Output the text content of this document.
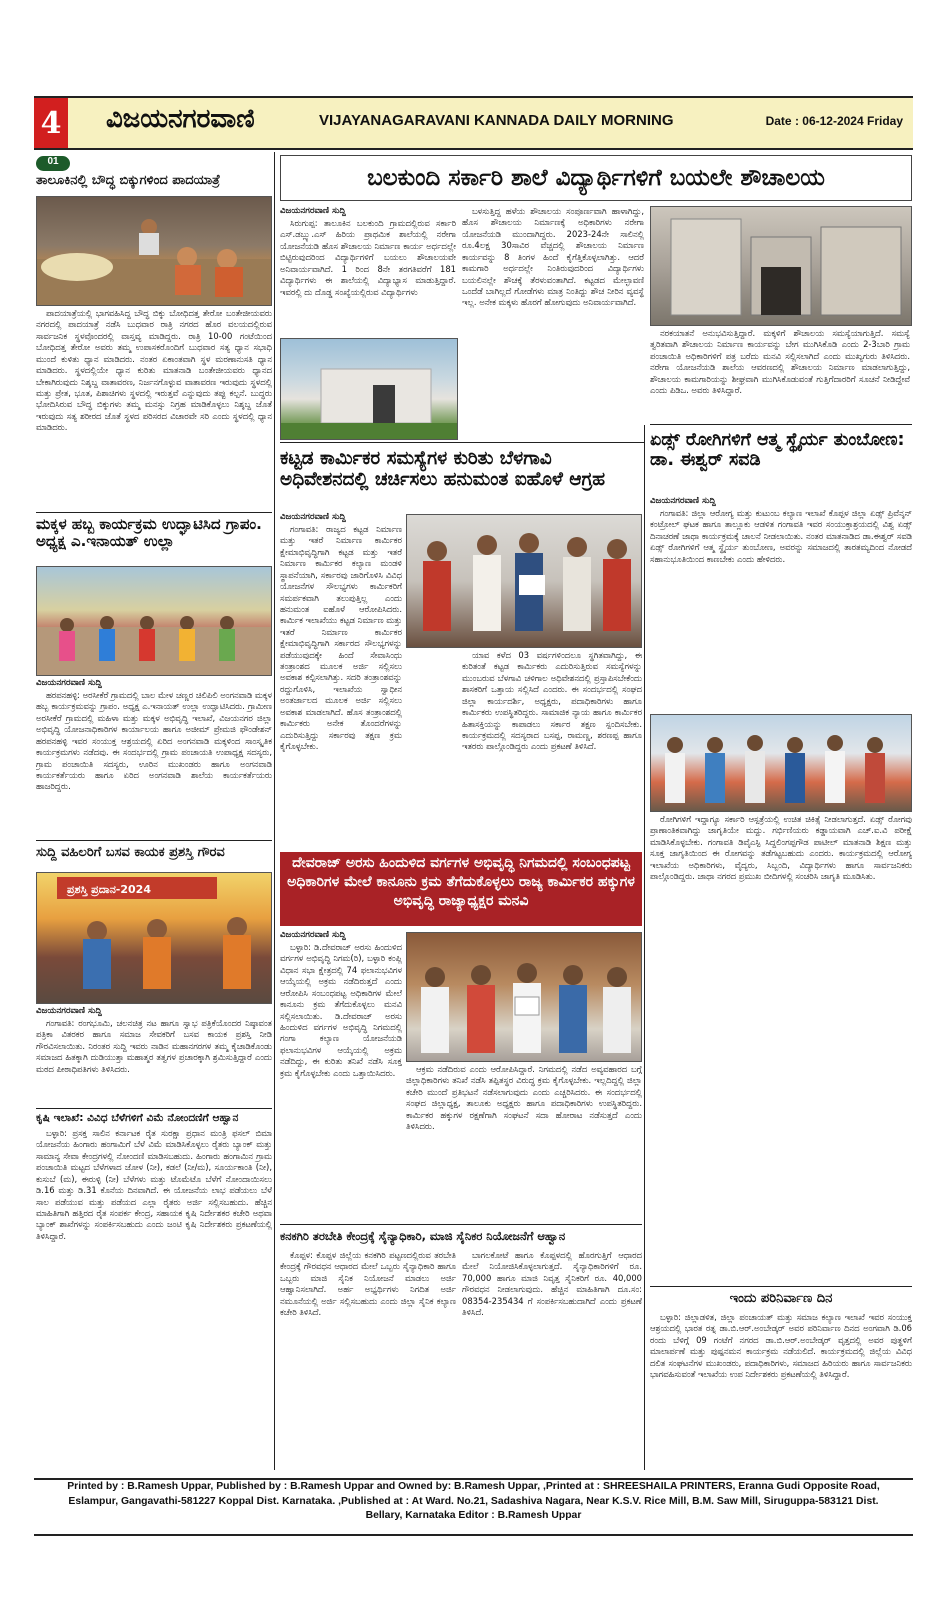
4 ವಿಜಯನಗರವಾಣಿ	VIJAYANAGARAVANI KANNADA DAILY MORNING	Date : 06-12-2024 Friday
01
ತಾಲೂಕಿನಲ್ಲಿ ಬೌದ್ಧ ಬಿಕ್ಕುಗಳಿಂದ ಪಾದಯಾತ್ರೆ

ಪಾದಯಾತ್ರೆಯಲ್ಲಿ ಭಾಗವಹಿಸಿದ್ದ ಬೌದ್ಧ ಬಿಕ್ಕು ಬೋಧಿದತ್ತ ತೇರೋ ಬಂತೇಜೀಯವರು ನಗರದಲ್ಲಿ ಪಾದಯಾತ್ರೆ ನಡೆಸಿ ಬುಧವಾರ ರಾತ್ರಿ ನಗರದ ಹೊರ ವಲಯದಲ್ಲಿರುವ ಸಾರ್ವಜನಿಕ ಸ್ಥಳವೊಂದರಲ್ಲಿ ವಾಸ್ತವ್ಯ ಮಾಡಿದ್ದರು. ರಾತ್ರಿ 10-00 ಗಂಟೆಯಿಂದ ಬೋಧಿದತ್ತ ತೇರೋ ಅವರು ತಮ್ಮ ಉಪಾಸಕರೊಂದಿಗೆ ಬುಧವಾರ ಸತ್ಯ ಧ್ಯಾನ ಸಭಾಧಿ ಮುಂದೆ ಕುಳಿತು ಧ್ಯಾನ ಮಾಡಿದರು. ನಂತರ ಏಕಾಂತವಾಗಿ ಸ್ಥಳ ಮರಣಾನುಸತಿ ಧ್ಯಾನ ಮಾಡಿದರು. ಸ್ಥಳದಲ್ಲಿಯೇ ಧ್ಯಾನ ಕುರಿತು ಮಾತನಾಡಿ ಬಂತೇಜೀಯವರು ಧ್ಯಾನದ ಬೇಕಾಗಿರುವುದು ನಿಶ್ಶಬ್ದ ವಾತಾವರಣ, ನಿರ್ಜನಗೊಳ್ಳುವ ವಾತಾವರಣ ಇರುವುದು ಸ್ಥಳದಲ್ಲಿ ಮತ್ತು ಪ್ರೇತ, ಭೂತ, ಪಿಶಾಚಿಗಳು ಸ್ಥಳದಲ್ಲಿ ಇರುತ್ತವೆ ಎನ್ನುವುದು ತಪ್ಪು ಕಲ್ಪನೆ. ಬುದ್ಧರು ಭೋದಿಸಿರುವ ಬೌದ್ಧ ಬಿಕ್ಕುಗಳು ತಮ್ಮ ಮನಸ್ಸು ನಿಗ್ರಹ ಮಾಡಿಕೊಳ್ಳಲು ನಿಶ್ಶಬ್ದ ಜೊತೆ ಇರುವುದು ಸತ್ಯ ಶರೀರದ ಜೊತೆ ಸ್ಥಳದ ಪರಿಸರದ ವಿಚಾರವೇ ಸರಿ ಎಂದು ಸ್ಥಳದಲ್ಲಿ ಧ್ಯಾನ ಮಾಡಿದರು.

ಮಕ್ಕಳ ಹಬ್ಬ ಕಾರ್ಯಕ್ರಮ ಉದ್ಘಾಟಿಸಿದ ಗ್ರಾಪಂ. ಅಧ್ಯಕ್ಷ ಎ.ಇನಾಯತ್ ಉಲ್ಲಾ
ವಿಜಯನಗರವಾಣಿ ಸುದ್ದಿ

ಹರಪನಹಳ್ಳಿ: ಅರಸೀಕೆರೆ ಗ್ರಾಮದಲ್ಲಿ ಬಾಲ ಮೇಳ ಚಣ್ಣರ ಚಿಲಿಪಿಲಿ ಅಂಗನವಾಡಿ ಮಕ್ಕಳ ಹಬ್ಬ ಕಾರ್ಯಕ್ರಮವನ್ನು ಗ್ರಾಪಂ. ಅಧ್ಯಕ್ಷ ಎ.ಇನಾಯತ್ ಉಲ್ಲಾ ಉದ್ಘಾಟಿಸಿದರು. ಗ್ರಾಮೀಣ ಅರಸೀಕೆರೆ ಗ್ರಾಮದಲ್ಲಿ ಮಹಿಳಾ ಮತ್ತು ಮಕ್ಕಳ ಅಭಿವೃದ್ಧಿ ಇಲಾಖೆ, ವಿಜಯನಗರ ಜಿಲ್ಲಾ ಅಭಿವೃದ್ಧಿ ಯೋಜನಾಧಿಕಾರಿಗಳ ಕಾರ್ಯಾಲಯ ಹಾಗೂ ಅಜೀಮ್ ಪ್ರೇಮಜಿ ಫೌಂಡೇಶನ್ ಹರಪನಹಳ್ಳಿ ಇವರ ಸಂಯುಕ್ತ ಆಶ್ರಯದಲ್ಲಿ ಏರಿದ ಅಂಗನವಾಡಿ ಮಕ್ಕಳಿಂದ ಸಾಂಸ್ಕೃತಿಕ ಕಾರ್ಯಕ್ರಮಗಳು ನಡೆದವು. ಈ ಸಂದರ್ಭದಲ್ಲಿ ಗ್ರಾಮ ಪಂಚಾಯತಿ ಉಪಾಧ್ಯಕ್ಷ ಸದಸ್ಯರು, ಗ್ರಾಮ ಪಂಚಾಯಿತಿ ಸದಸ್ಯರು, ಊರಿನ ಮುಖಂಡರು ಹಾಗೂ ಅಂಗನವಾಡಿ ಕಾರ್ಯಕರ್ತೆಯರು ಹಾಗೂ ಏರಿದ ಅಂಗನವಾಡಿ ಶಾಲೆಯ ಕಾರ್ಯಕರ್ತೆಯರು ಹಾಜರಿದ್ದರು.

ಸುದ್ದಿ ವಹಿಲರಿಗೆ ಬಸವ ಕಾಯಕ ಪ್ರಶಸ್ತಿ ಗೌರವ
ಪ್ರಶಸ್ತಿ ಪ್ರದಾನ-2024
ವಿಜಯನಗರವಾಣಿ ಸುದ್ದಿ

ಗಂಗಾವತಿ: ರಂಗಭೂಮಿ, ಚಲನಚಿತ್ರ ನಟ ಹಾಗೂ ಸ್ವಾಭ ಪತ್ರಿಕೆಯೊಂದರ ನಿಷ್ಠಾವಂತ ಪತ್ರಿಕಾ ವಿತರಕರ ಹಾಗೂ ಸಮಾಜ ಸೇವಕರಿಗೆ ಬಸವ ಕಾಯಕ ಪ್ರಶಸ್ತಿ ನೀಡಿ ಗೌರವಿಸಲಾಯಿತು. ನಿರಂತರ ಸುದ್ದಿ ಇವರು ನಾಡಿನ ಮಹಾನಗರಗಳ ತಮ್ಮ ಕೈಚಾಡಿಕೊಂಡು ಸಮಾಜದ ಹಿತಕ್ಕಾಗಿ ದುಡಿಯುತ್ತಾ ಮಹಾತ್ಮರ ತತ್ವಗಳ ಪ್ರಚಾರಕ್ಕಾಗಿ ಶ್ರಮಿಸುತ್ತಿದ್ದಾರೆ ಎಂದು ಮಠದ ಪೀಠಾಧಿಪತಿಗಳು ತಿಳಿಸಿದರು.

ಕೃಷಿ ಇಲಾಖೆ: ವಿವಿಧ ಬೆಳೆಗಳಿಗೆ ವಿಮೆ ನೋಂದಣಿಗೆ ಆಹ್ವಾನ

ಬಳ್ಳಾರಿ: ಪ್ರಸಕ್ತ ಸಾಲಿನ ಕರ್ನಾಟಕ ರೈತ ಸುರಕ್ಷಾ ಪ್ರಧಾನ ಮಂತ್ರಿ ಫಸಲ್ ಬಿಮಾ ಯೋಜನೆಯ ಹಿಂಗಾರು ಹಂಗಾಮಿಗೆ ಬೆಳೆ ವಿಮೆ ಮಾಡಿಸಿಕೊಳ್ಳಲು ರೈತರು ಬ್ಯಾಂಕ್ ಮತ್ತು ಸಾಮಾನ್ಯ ಸೇವಾ ಕೇಂದ್ರಗಳಲ್ಲಿ ನೋಂದಣಿ ಮಾಡಿಸಬಹುದು. ಹಿಂಗಾರು ಹಂಗಾಮಿನ ಗ್ರಾಮ ಪಂಚಾಯಿತಿ ಮಟ್ಟದ ಬೆಳೆಗಳಾದ ಜೋಳ (ನೀ), ಕಡಲೆ (ನೀ/ಮ), ಸೂರ್ಯಕಾಂತಿ (ನೀ), ಕುಸುಬೆ (ಮ), ಈರುಳ್ಳಿ (ನೀ) ಬೆಳೆಗಳು ಮತ್ತು ಟೊಮೆಟೊ ಬೆಳೆಗೆ ನೋಂದಾಯಿಸಲು ಡಿ.16 ಮತ್ತು ಡಿ.31 ಕೊನೆಯ ದಿನವಾಗಿದೆ. ಈ ಯೋಜನೆಯ ಲಾಭ ಪಡೆಯಲು ಬೆಳೆ ಸಾಲ ಪಡೆಯುವ ಮತ್ತು ಪಡೆಯದ ಎಲ್ಲಾ ರೈತರು ಅರ್ಜಿ ಸಲ್ಲಿಸಬಹುದು. ಹೆಚ್ಚಿನ ಮಾಹಿತಿಗಾಗಿ ಹತ್ತಿರದ ರೈತ ಸಂಪರ್ಕ ಕೇಂದ್ರ, ಸಹಾಯಕ ಕೃಷಿ ನಿರ್ದೇಶಕರ ಕಚೇರಿ ಅಥವಾ ಬ್ಯಾಂಕ್ ಶಾಖೆಗಳನ್ನು ಸಂಪರ್ಕಿಸಬಹುದು ಎಂದು ಜಂಟಿ ಕೃಷಿ ನಿರ್ದೇಶಕರು ಪ್ರಕಟಣೆಯಲ್ಲಿ ತಿಳಿಸಿದ್ದಾರೆ.

ಬಲಕುಂದಿ ಸರ್ಕಾರಿ ಶಾಲೆ ವಿದ್ಯಾರ್ಥಿಗಳಿಗೆ ಬಯಲೇ ಶೌಚಾಲಯ
ವಿಜಯನಗರವಾಣಿ ಸುದ್ದಿ

ಸಿರುಗುಪ್ಪ: ತಾಲೂಕಿನ ಬಲಕುಂದಿ ಗ್ರಾಮದಲ್ಲಿರುವ ಸರ್ಕಾರಿ ಎಸ್.ಡಬ್ಲ್ಯು.ಎಸ್ ಹಿರಿಯ ಪ್ರಾಥಮಿಕ ಶಾಲೆಯಲ್ಲಿ ನರೇಗಾ ಯೋಜನೆಯಡಿ ಹೊಸ ಶೌಚಾಲಯ ನಿರ್ಮಾಣ ಕಾರ್ಯ ಅರ್ಧದಲ್ಲೇ ಬಿಟ್ಟಿರುವುದರಿಂದ ವಿದ್ಯಾರ್ಥಿಗಳಿಗೆ ಬಯಲು ಶೌಚಾಲಯವೇ ಅನಿವಾರ್ಯವಾಗಿದೆ. 1 ರಿಂದ 8ನೇ ತರಗತಿವರೆಗೆ 181 ವಿದ್ಯಾರ್ಥಿಗಳು ಈ ಶಾಲೆಯಲ್ಲಿ ವಿದ್ಯಾಭ್ಯಾಸ ಮಾಡುತ್ತಿದ್ದಾರೆ. ಇವರಲ್ಲಿ ದು ದೊಡ್ಡ ಸಂಖ್ಯೆಯಲ್ಲಿರುವ ವಿದ್ಯಾರ್ಥಿಗಳು

ಬಳಸುತ್ತಿದ್ದ ಹಳೆಯ ಶೌಚಾಲಯ ಸಂಪೂರ್ಣವಾಗಿ ಹಾಳಾಗಿದ್ದು, ಹೊಸ ಶೌಚಾಲಯ ನಿರ್ಮಾಣಕ್ಕೆ ಅಧಿಕಾರಿಗಳು ನರೇಗಾ ಯೋಜನೆಯಡಿ ಮುಂದಾಗಿದ್ದರು. 2023-24ನೇ ಸಾಲಿನಲ್ಲಿ ರೂ.4ಲಕ್ಷ 30ಸಾವಿರ ವೆಚ್ಚದಲ್ಲಿ ಶೌಚಾಲಯ ನಿರ್ಮಾಣ ಕಾರ್ಯವನ್ನು 8 ತಿಂಗಳ ಹಿಂದೆ ಕೈಗೆತ್ತಿಕೊಳ್ಳಲಾಗಿತ್ತು. ಆದರೆ ಕಾಮಗಾರಿ ಅರ್ಧದಲ್ಲೇ ನಿಂತಿರುವುದರಿಂದ ವಿದ್ಯಾರ್ಥಿಗಳು ಬಯಲಿನಲ್ಲೇ ಶೌಚಕ್ಕೆ ತೆರಳುವಂತಾಗಿದೆ. ಕಟ್ಟಡದ ಮೇಲ್ಛಾವಣಿ ಒಂದೆಡೆ ಬಾಗಿಲ್ಲದೆ ಗೋಡೆಗಳು ಮಾತ್ರ ನಿಂತಿದ್ದು ಶೌಚ ನೀರಿನ ವ್ಯವಸ್ಥೆ ಇಲ್ಲ. ಅನೇಕ ಮಕ್ಕಳು ಹೊರಗೆ ಹೋಗುವುದು ಅನಿವಾರ್ಯವಾಗಿದೆ.

ನರಕಯಾತನೆ ಅನುಭವಿಸುತ್ತಿದ್ದಾರೆ. ಮಕ್ಕಳಿಗೆ ಶೌಚಾಲಯ ಸಮಸ್ಯೆಯಾಗುತ್ತಿದೆ. ಸಮಸ್ಯೆ ತ್ವರಿತವಾಗಿ ಶೌಚಾಲಯ ನಿರ್ಮಾಣ ಕಾರ್ಯವನ್ನು ಬೇಗ ಮುಗಿಸಿಕೊಡಿ ಎಂದು 2-3ಬಾರಿ ಗ್ರಾಮ ಪಂಚಾಯಿತಿ ಅಧಿಕಾರಿಗಳಿಗೆ ಪತ್ರ ಬರೆದು ಮನವಿ ಸಲ್ಲಿಸಲಾಗಿದೆ ಎಂದು ಮುಖ್ಯಗುರು ತಿಳಿಸಿದರು. ನರೇಗಾ ಯೋಜನೆಯಡಿ ಶಾಲೆಯ ಆವರಣದಲ್ಲಿ ಶೌಚಾಲಯ ನಿರ್ಮಾಣ ಮಾಡಲಾಗುತ್ತಿದ್ದು, ಶೌಚಾಲಯ ಕಾಮಗಾರಿಯನ್ನು ಶೀಘ್ರವಾಗಿ ಮುಗಿಸಿಕೊಡುವಂತೆ ಗುತ್ತಿಗೆದಾರರಿಗೆ ಸೂಚನೆ ನೀಡಿದ್ದೇವೆ ಎಂದು ಪಿಡಿಒ. ಅವರು ತಿಳಿಸಿದ್ದಾರೆ.

ಕಟ್ಟಡ ಕಾರ್ಮಿಕರ ಸಮಸ್ಯೆಗಳ ಕುರಿತು ಬೆಳಗಾವಿ ಅಧಿವೇಶನದಲ್ಲಿ ಚರ್ಚಿಸಲು ಹನುಮಂತ ಐಹೊಳೆ ಆಗ್ರಹ
ವಿಜಯನಗರವಾಣಿ ಸುದ್ದಿ

ಗಂಗಾವತಿ: ರಾಜ್ಯದ ಕಟ್ಟಡ ನಿರ್ಮಾಣ ಮತ್ತು ಇತರೆ ನಿರ್ಮಾಣ ಕಾರ್ಮಿಕರ ಕ್ಷೇಮಾಭಿವೃದ್ಧಿಗಾಗಿ ಕಟ್ಟಡ ಮತ್ತು ಇತರೆ ನಿರ್ಮಾಣ ಕಾರ್ಮಿಕರ ಕಲ್ಯಾಣ ಮಂಡಳಿ ಸ್ಥಾಪನೆಯಾಗಿ, ಸರ್ಕಾರವು ಜಾರಿಗೊಳಿಸಿ ವಿವಿಧ ಯೋಜನೆಗಳ ಸೌಲಭ್ಯಗಳು ಕಾರ್ಮಿಕರಿಗೆ ಸಮರ್ಪಕವಾಗಿ ತಲುಪುತ್ತಿಲ್ಲ ಎಂದು ಹನುಮಂತ ಐಹೊಳೆ ಆರೋಪಿಸಿದರು. ಕಾರ್ಮಿಕ ಇಲಾಖೆಯು ಕಟ್ಟಡ ನಿರ್ಮಾಣ ಮತ್ತು ಇತರೆ ನಿರ್ಮಾಣ ಕಾರ್ಮಿಕರ ಕ್ಷೇಮಾಭಿವೃದ್ಧಿಗಾಗಿ ಸರ್ಕಾರದ ಸೌಲಭ್ಯಗಳನ್ನು ಪಡೆಯುವುದಕ್ಕೇ ಹಿಂದೆ ಸೇವಾಸಿಂಧು ತಂತ್ರಾಂಶದ ಮೂಲಕ ಅರ್ಜಿ ಸಲ್ಲಿಸಲು ಅವಕಾಶ ಕಲ್ಪಿಸಲಾಗಿತ್ತು. ಸದರಿ ತಂತ್ರಾಂಶವನ್ನು ರದ್ದುಗೊಳಿಸಿ, ಇಲಾಖೆಯ ಸ್ವಾಧೀನ ಅಂತರ್ಜಾಲದ ಮೂಲಕ ಅರ್ಜಿ ಸಲ್ಲಿಸಲು ಅವಕಾಶ ಮಾಡಲಾಗಿದೆ. ಹೊಸ ತಂತ್ರಾಂಶದಲ್ಲಿ ಕಾರ್ಮಿಕರು ಅನೇಕ ತೊಂದರೆಗಳನ್ನು ಎದುರಿಸುತ್ತಿದ್ದು ಸರ್ಕಾರವು ತಕ್ಷಣ ಕ್ರಮ ಕೈಗೊಳ್ಳಬೇಕು.

ಯಾವ ಕಳೆದ 03 ವರ್ಷಗಳಿಂದಲೂ ಸ್ಥಗಿತವಾಗಿದ್ದು, ಈ ಕುರಿತಂತೆ ಕಟ್ಟಡ ಕಾರ್ಮಿಕರು ಎದುರಿಸುತ್ತಿರುವ ಸಮಸ್ಯೆಗಳನ್ನು ಮುಂಬರುವ ಬೆಳಗಾವಿ ಚಳಿಗಾಲ ಅಧಿವೇಶನದಲ್ಲಿ ಪ್ರಸ್ತಾಪಿಸಬೇಕೆಂದು ಶಾಸಕರಿಗೆ ಒತ್ತಾಯ ಸಲ್ಲಿಸಿದೆ ಎಂದರು. ಈ ಸಂದರ್ಭದಲ್ಲಿ ಸಂಘದ ಜಿಲ್ಲಾ ಕಾರ್ಯದರ್ಶಿ, ಅಧ್ಯಕ್ಷರು, ಪದಾಧಿಕಾರಿಗಳು ಹಾಗೂ ಕಾರ್ಮಿಕರು ಉಪಸ್ಥಿತರಿದ್ದರು. ಸಾಮಾಜಿಕ ನ್ಯಾಯ ಹಾಗೂ ಕಾರ್ಮಿಕರ ಹಿತಾಸಕ್ತಿಯನ್ನು ಕಾಪಾಡಲು ಸರ್ಕಾರ ತಕ್ಷಣ ಸ್ಪಂದಿಸಬೇಕು. ಕಾರ್ಯಕ್ರಮದಲ್ಲಿ ಸದಸ್ಯರಾದ ಬಸಪ್ಪ, ರಾಮಣ್ಣ, ಶರಣಪ್ಪ ಹಾಗೂ ಇತರರು ಪಾಲ್ಗೊಂಡಿದ್ದರು ಎಂದು ಪ್ರಕಟಣೆ ತಿಳಿಸಿದೆ.

ದೇವರಾಜ್ ಅರಸು ಹಿಂದುಳಿದ ವರ್ಗಗಳ ಅಭಿವೃದ್ಧಿ ನಿಗಮದಲ್ಲಿ ಸಂಬಂಧಪಟ್ಟ ಅಧಿಕಾರಿಗಳ ಮೇಲೆ ಕಾನೂನು ಕ್ರಮ ತೆಗೆದುಕೊಳ್ಳಲು ರಾಜ್ಯ ಕಾರ್ಮಿಕರ ಹಕ್ಕುಗಳ ಅಭಿವೃದ್ಧಿ ರಾಜ್ಯಾಧ್ಯಕ್ಷರ ಮನವಿ
ವಿಜಯನಗರವಾಣಿ ಸುದ್ದಿ

ಬಳ್ಳಾರಿ: ಡಿ.ದೇವರಾಜ್ ಅರಸು ಹಿಂದುಳಿದ ವರ್ಗಗಳ ಅಭಿವೃದ್ಧಿ ನಿಗಮ(ರಿ), ಬಳ್ಳಾರಿ ಕಂಪ್ಲಿ ವಿಧಾನ ಸಭಾ ಕ್ಷೇತ್ರದಲ್ಲಿ 74 ಫಲಾನುಭವಿಗಳ ಆಯ್ಕೆಯಲ್ಲಿ ಅಕ್ರಮ ನಡೆದಿರುತ್ತದೆ ಎಂದು ಆರೋಪಿಸಿ ಸಂಬಂಧಪಟ್ಟ ಅಧಿಕಾರಿಗಳ ಮೇಲೆ ಕಾನೂನು ಕ್ರಮ ತೆಗೆದುಕೊಳ್ಳಲು ಮನವಿ ಸಲ್ಲಿಸಲಾಯಿತು. ಡಿ.ದೇವರಾಜ್ ಅರಸು ಹಿಂದುಳಿದ ವರ್ಗಗಳ ಅಭಿವೃದ್ಧಿ ನಿಗಮದಲ್ಲಿ ಗಂಗಾ ಕಲ್ಯಾಣ ಯೋಜನೆಯಡಿ ಫಲಾನುಭವಿಗಳ ಆಯ್ಕೆಯಲ್ಲಿ ಅಕ್ರಮ ನಡೆದಿದ್ದು, ಈ ಕುರಿತು ತನಿಖೆ ನಡೆಸಿ ಸೂಕ್ತ ಕ್ರಮ ಕೈಗೊಳ್ಳಬೇಕು ಎಂದು ಒತ್ತಾಯಿಸಿದರು.	ಆಕ್ರಮ ನಡೆದಿರುವ ಎಂದು ಆರೋಪಿಸಿದ್ದಾರೆ. ನಿಗಮದಲ್ಲಿ ನಡೆದ ಅವ್ಯವಹಾರದ ಬಗ್ಗೆ ಜಿಲ್ಲಾಧಿಕಾರಿಗಳು ತನಿಖೆ ನಡೆಸಿ ತಪ್ಪಿತಸ್ಥರ ವಿರುದ್ಧ ಕ್ರಮ ಕೈಗೊಳ್ಳಬೇಕು. ಇಲ್ಲದಿದ್ದಲ್ಲಿ ಜಿಲ್ಲಾ ಕಚೇರಿ ಮುಂದೆ ಪ್ರತಿಭಟನೆ ನಡೆಸಲಾಗುವುದು ಎಂದು ಎಚ್ಚರಿಸಿದರು. ಈ ಸಂದರ್ಭದಲ್ಲಿ ಸಂಘದ ಜಿಲ್ಲಾಧ್ಯಕ್ಷ, ತಾಲೂಕು ಅಧ್ಯಕ್ಷರು ಹಾಗೂ ಪದಾಧಿಕಾರಿಗಳು ಉಪಸ್ಥಿತರಿದ್ದರು. ಕಾರ್ಮಿಕರ ಹಕ್ಕುಗಳ ರಕ್ಷಣೆಗಾಗಿ ಸಂಘಟನೆ ಸದಾ ಹೋರಾಟ ನಡೆಸುತ್ತದೆ ಎಂದು ತಿಳಿಸಿದರು.

ಕನಕಗಿರಿ ತರಬೇತಿ ಕೇಂದ್ರಕ್ಕೆ ಸೈನ್ಯಾಧಿಕಾರಿ, ಮಾಜಿ ಸೈನಿಕರ ನಿಯೋಜನೆಗೆ ಆಹ್ವಾನ

ಕೊಪ್ಪಳ: ಕೊಪ್ಪಳ ಜಿಲ್ಲೆಯ ಕನಕಗಿರಿ ಪಟ್ಟಣದಲ್ಲಿರುವ ತರಬೇತಿ ಕೇಂದ್ರಕ್ಕೆ ಗೌರವಧನ ಆಧಾರದ ಮೇಲೆ ಒಬ್ಬರು ಸೈನ್ಯಾಧಿಕಾರಿ ಹಾಗೂ ಒಬ್ಬರು ಮಾಜಿ ಸೈನಿಕ ನಿಯೋಜನೆ ಮಾಡಲು ಅರ್ಜಿ ಆಹ್ವಾನಿಸಲಾಗಿದೆ. ಅರ್ಹ ಅಭ್ಯರ್ಥಿಗಳು ನಿಗದಿತ ಅರ್ಜಿ ನಮೂನೆಯಲ್ಲಿ ಅರ್ಜಿ ಸಲ್ಲಿಸಬಹುದು ಎಂದು ಜಿಲ್ಲಾ ಸೈನಿಕ ಕಲ್ಯಾಣ ಕಚೇರಿ ತಿಳಿಸಿದೆ.

ಬಾಗಲಕೋಟೆ ಹಾಗೂ ಕೊಪ್ಪಳದಲ್ಲಿ ಹೊರಗುತ್ತಿಗೆ ಆಧಾರದ ಮೇಲೆ ನಿಯೋಜಿಸಿಕೊಳ್ಳಲಾಗುತ್ತದೆ. ಸೈನ್ಯಾಧಿಕಾರಿಗಳಿಗೆ ರೂ. 70,000 ಹಾಗೂ ಮಾಜಿ ನಿವೃತ್ತ ಸೈನಿಕರಿಗೆ ರೂ. 40,000 ಗೌರವಧನ ನೀಡಲಾಗುವುದು. ಹೆಚ್ಚಿನ ಮಾಹಿತಿಗಾಗಿ ದೂ.ಸಂ: 08354-235434 ಗೆ ಸಂಪರ್ಕಿಸಬಹುದಾಗಿದೆ ಎಂದು ಪ್ರಕಟಣೆ ತಿಳಿಸಿದೆ.

ಏಡ್ಸ್ ರೋಗಿಗಳಿಗೆ ಆತ್ಮ ಸ್ಥೈರ್ಯ ತುಂಬೋಣ: ಡಾ. ಈಶ್ವರ್ ಸವಡಿ
ವಿಜಯನಗರವಾಣಿ ಸುದ್ದಿ

ಗಂಗಾವತಿ: ಜಿಲ್ಲಾ ಆರೋಗ್ಯ ಮತ್ತು ಕುಟುಂಬ ಕಲ್ಯಾಣ ಇಲಾಖೆ ಕೊಪ್ಪಳ ಜಿಲ್ಲಾ ಏಡ್ಸ್ ಪ್ರಿವೆನ್ಶನ್ ಕಂಟ್ರೋಲ್ ಘಟಕ ಹಾಗೂ ತಾಲ್ಲೂಕು ಆಡಳಿತ ಗಂಗಾವತಿ ಇವರ ಸಂಯುಕ್ತಾಶ್ರಯದಲ್ಲಿ ವಿಶ್ವ ಏಡ್ಸ್ ದಿನಾಚರಣೆ ಜಾಥಾ ಕಾರ್ಯಕ್ರಮಕ್ಕೆ ಚಾಲನೆ ನೀಡಲಾಯಿತು. ನಂತರ ಮಾತನಾಡಿದ ಡಾ.ಈಶ್ವರ್ ಸವಡಿ ಏಡ್ಸ್ ರೋಗಿಗಳಿಗೆ ಆತ್ಮ ಸ್ಥೈರ್ಯ ತುಂಬೋಣ, ಅವರನ್ನು ಸಮಾಜದಲ್ಲಿ ತಾರತಮ್ಯದಿಂದ ನೋಡದೆ ಸಹಾನುಭೂತಿಯಿಂದ ಕಾಣಬೇಕು ಎಂದು ಹೇಳಿದರು.

ರೋಗಿಗಳಿಗೆ ಇದ್ದಾಗ್ಯೂ ಸರ್ಕಾರಿ ಆಸ್ಪತ್ರೆಯಲ್ಲಿ ಉಚಿತ ಚಿಕಿತ್ಸೆ ನೀಡಲಾಗುತ್ತದೆ. ಏಡ್ಸ್ ರೋಗವು ಪ್ರಾಣಾಂತಿಕವಾಗಿದ್ದು ಜಾಗೃತಿಯೇ ಮದ್ದು. ಗರ್ಭಿಣಿಯರು ಕಡ್ಡಾಯವಾಗಿ ಎಚ್.ಐ.ವಿ ಪರೀಕ್ಷೆ ಮಾಡಿಸಿಕೊಳ್ಳಬೇಕು. ಗಂಗಾವತಿ ಡಿವೈಎಸ್ಪಿ ಸಿದ್ದಲಿಂಗಪ್ಪಗೌಡ ಪಾಟೀಲ್ ಮಾತನಾಡಿ ಶಿಕ್ಷಣ ಮತ್ತು ಸೂಕ್ತ ಜಾಗೃತಿಯಿಂದ ಈ ರೋಗವನ್ನು ತಡೆಗಟ್ಟಬಹುದು ಎಂದರು. ಕಾರ್ಯಕ್ರಮದಲ್ಲಿ ಆರೋಗ್ಯ ಇಲಾಖೆಯ ಅಧಿಕಾರಿಗಳು, ವೈದ್ಯರು, ಸಿಬ್ಬಂದಿ, ವಿದ್ಯಾರ್ಥಿಗಳು ಹಾಗೂ ಸಾರ್ವಜನಿಕರು ಪಾಲ್ಗೊಂಡಿದ್ದರು. ಜಾಥಾ ನಗರದ ಪ್ರಮುಖ ಬೀದಿಗಳಲ್ಲಿ ಸಂಚರಿಸಿ ಜಾಗೃತಿ ಮೂಡಿಸಿತು.

ಇಂದು ಪರಿನಿರ್ವಾಣ ದಿನ

ಬಳ್ಳಾರಿ: ಜಿಲ್ಲಾಡಳಿತ, ಜಿಲ್ಲಾ ಪಂಚಾಯತ್ ಮತ್ತು ಸಮಾಜ ಕಲ್ಯಾಣ ಇಲಾಖೆ ಇವರ ಸಂಯುಕ್ತ ಆಶ್ರಯದಲ್ಲಿ ಭಾರತ ರತ್ನ ಡಾ.ಬಿ.ಆರ್.ಅಂಬೇಡ್ಕರ್ ಅವರ ಪರಿನಿರ್ವಾಣ ದಿನದ ಅಂಗವಾಗಿ ಡಿ.06 ರಂದು ಬೆಳಿಗ್ಗೆ 09 ಗಂಟೆಗೆ ನಗರದ ಡಾ.ಬಿ.ಆರ್.ಅಂಬೇಡ್ಕರ್ ವೃತ್ತದಲ್ಲಿ ಅವರ ಪುತ್ಥಳಿಗೆ ಮಾಲಾರ್ಪಣೆ ಮತ್ತು ಪುಷ್ಪನಮನ ಕಾರ್ಯಕ್ರಮ ನಡೆಯಲಿದೆ. ಕಾರ್ಯಕ್ರಮದಲ್ಲಿ ಜಿಲ್ಲೆಯ ವಿವಿಧ ದಲಿತ ಸಂಘಟನೆಗಳ ಮುಖಂಡರು, ಪದಾಧಿಕಾರಿಗಳು, ಸಮಾಜದ ಹಿರಿಯರು ಹಾಗೂ ಸಾರ್ವಜನಿಕರು ಭಾಗವಹಿಸುವಂತೆ ಇಲಾಖೆಯ ಉಪ ನಿರ್ದೇಶಕರು ಪ್ರಕಟಣೆಯಲ್ಲಿ ತಿಳಿಸಿದ್ದಾರೆ.

Printed by : B.Ramesh Uppar, Published by : B.Ramesh Uppar and Owned by: B.Ramesh Uppar, ,Printed at : SHREESHAILA PRINTERS, Eranna Gudi Opposite Road,
Eslampur, Gangavathi-581227 Koppal Dist. Karnataka. ,Published at : At Ward. No.21, Sadashiva Nagara, Near K.S.V. Rice Mill, B.M. Saw Mill, Siruguppa-583121 Dist.
Bellary, Karnataka Editor : B.Ramesh Uppar
